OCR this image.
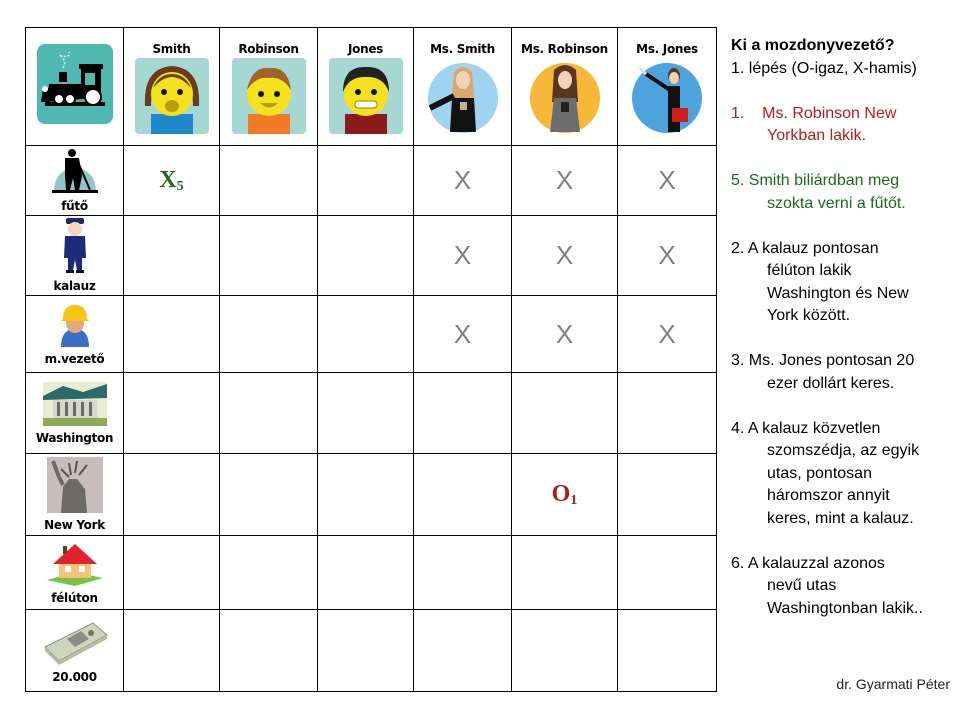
Smith	Robinson	Jones	Ms. Smith	Ms. Robinson	Ms. Jones

fűtő	$X_5$			X	X	X

kalauz				X	X	X

m.vezető				X	X	X

Washington						

New York					$O_1$	

félúton						

20.000						

Ki a mozdonyvezető?
1. lépés (O-igaz, X-hamis)
1.    Ms. Robinson New
Yorkban lakik.
5. Smith biliárdban meg
szokta verni a fűtőt.
2. A kalauz pontosan
félúton lakik
Washington és New
York között.
3. Ms. Jones pontosan 20
ezer dollárt keres.
4. A kalauz közvetlen
szomszédja, az egyik
utas, pontosan
háromszor annyit
keres, mint a kalauz.
6. A kalauzzal azonos
nevű utas
Washingtonban lakik..
dr. Gyarmati Péter
